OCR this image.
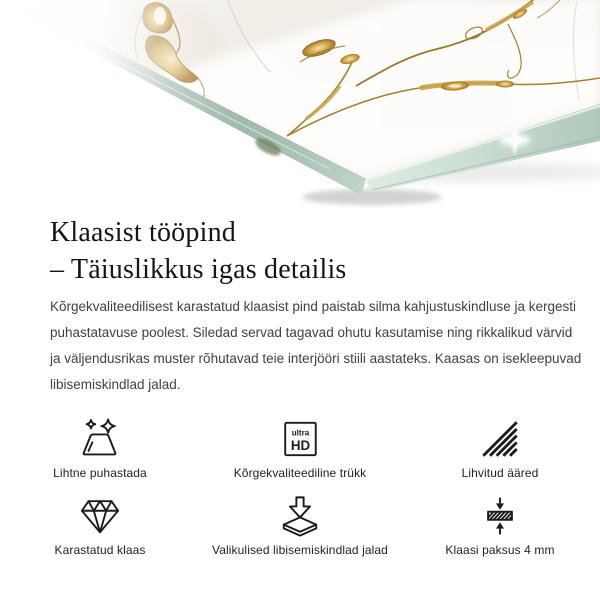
Klaasist tööpind
– Täiuslikkus igas detailis
Kõrgekvaliteedilisest karastatud klaasist pind paistab silma kahjustuskindluse ja kergesti
puhastatavuse poolest. Siledad servad tagavad ohutu kasutamise ning rikkalikud värvid
ja väljendusrikas muster rõhutavad teie interjööri stiili aastateks. Kaasas on isekleepuvad
libisemiskindlad jalad.
Lihtne puhastada
ultra
HD
Kõrgekvaliteediline trükk	Lihvitud ääred
Karastatud klaas	Valikulised libisemiskindlad jalad	Klaasi paksus 4 mm
